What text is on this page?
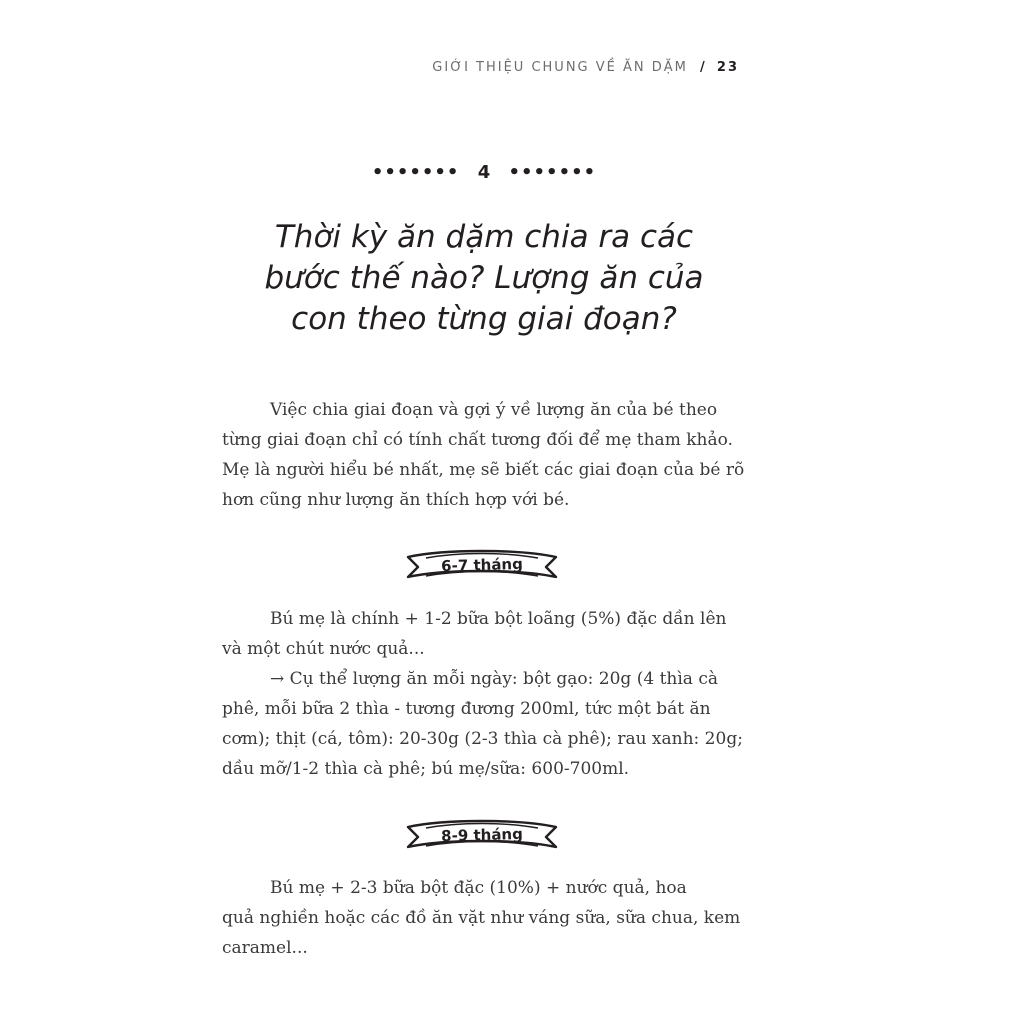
GIỚI THIỆU CHUNG VỀ ĂN DẶM / 23
••••••• 4 •••••••
Thời kỳ ăn dặm chia ra các
bước thế nào? Lượng ăn của
con theo từng giai đoạn?
Việc chia giai đoạn và gợi ý về lượng ăn của bé theo
từng giai đoạn chỉ có tính chất tương đối để mẹ tham khảo.
Mẹ là người hiểu bé nhất, mẹ sẽ biết các giai đoạn của bé rõ
hơn cũng như lượng ăn thích hợp với bé.
6-7 tháng
Bú mẹ là chính + 1-2 bữa bột loãng (5%) đặc dần lên
và một chút nước quả...
→ Cụ thể lượng ăn mỗi ngày: bột gạo: 20g (4 thìa cà
phê, mỗi bữa 2 thìa - tương đương 200ml, tức một bát ăn
cơm); thịt (cá, tôm): 20-30g (2-3 thìa cà phê); rau xanh: 20g;
dầu mỡ/1-2 thìa cà phê; bú mẹ/sữa: 600-700ml.
8-9 tháng
Bú mẹ + 2-3 bữa bột đặc (10%) + nước quả, hoa
quả nghiền hoặc các đồ ăn vặt như váng sữa, sữa chua, kem
caramel...
